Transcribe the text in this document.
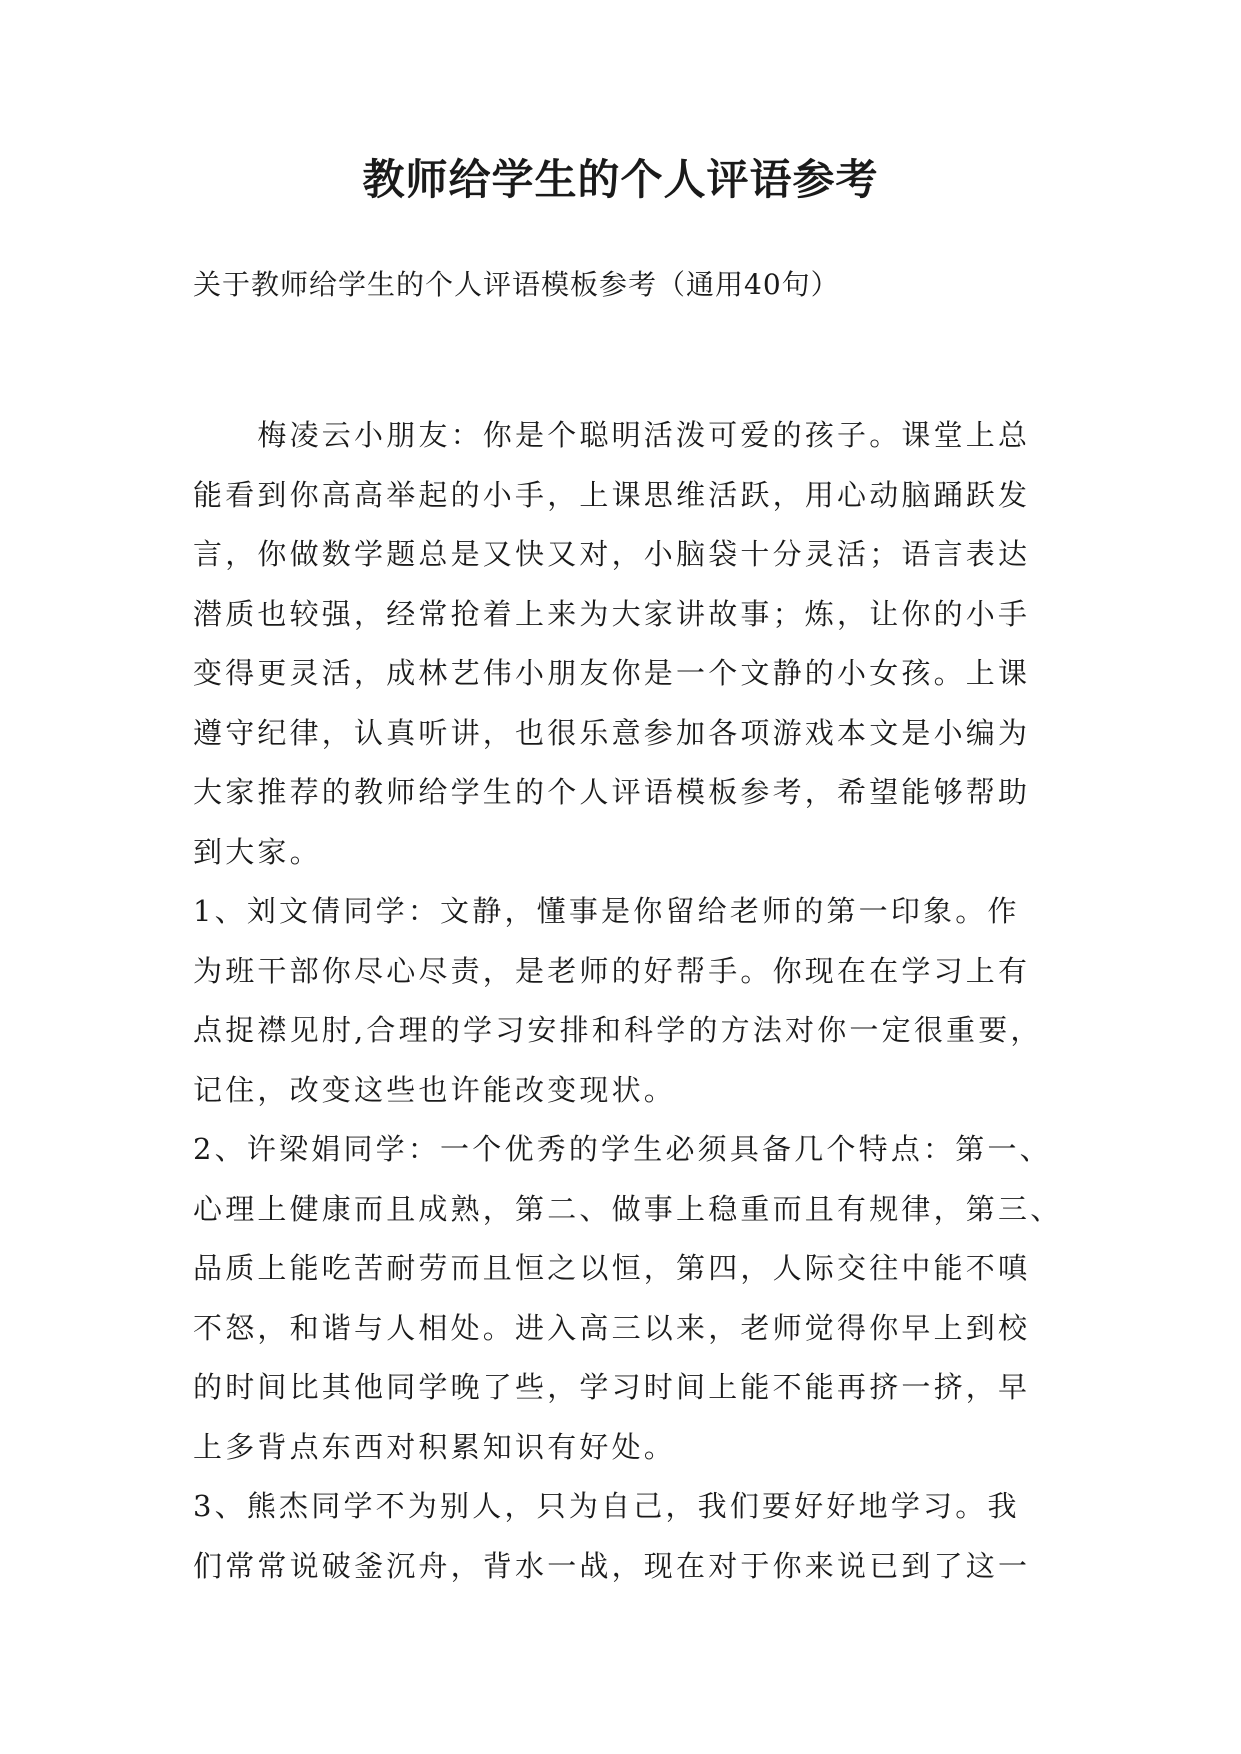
教师给学生的个人评语参考
关于教师给学生的个人评语模板参考（通用40句）
　　梅凌云小朋友：你是个聪明活泼可爱的孩子。课堂上总
能看到你高高举起的小手，上课思维活跃，用心动脑踊跃发
言，你做数学题总是又快又对，小脑袋十分灵活；语言表达
潜质也较强，经常抢着上来为大家讲故事；炼，让你的小手
变得更灵活，成林艺伟小朋友你是一个文静的小女孩。上课
遵守纪律，认真听讲，也很乐意参加各项游戏本文是小编为
大家推荐的教师给学生的个人评语模板参考，希望能够帮助
到大家。
1、刘文倩同学：文静，懂事是你留给老师的第一印象。作
为班干部你尽心尽责，是老师的好帮手。你现在在学习上有
点捉襟见肘,合理的学习安排和科学的方法对你一定很重要，
记住，改变这些也许能改变现状。
2、许梁娟同学：一个优秀的学生必须具备几个特点：第一、
心理上健康而且成熟，第二、做事上稳重而且有规律，第三、
品质上能吃苦耐劳而且恒之以恒，第四，人际交往中能不嗔
不怒，和谐与人相处。进入高三以来，老师觉得你早上到校
的时间比其他同学晚了些，学习时间上能不能再挤一挤，早
上多背点东西对积累知识有好处。
3、熊杰同学不为别人，只为自己，我们要好好地学习。我
们常常说破釜沉舟，背水一战，现在对于你来说已到了这一
